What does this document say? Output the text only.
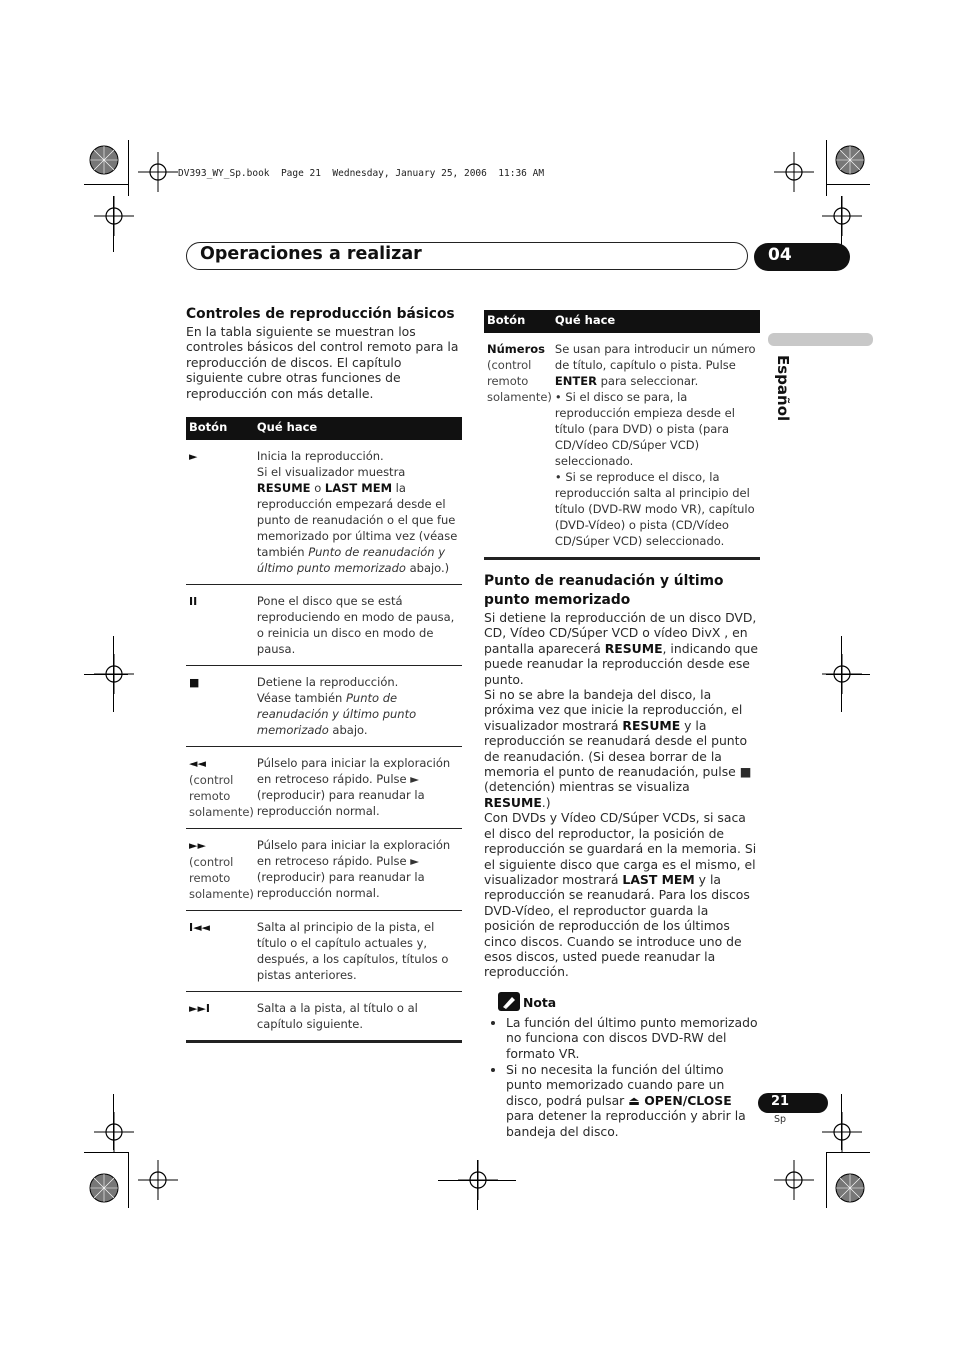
DV393_WY_Sp.book  Page 21  Wednesday, January 25, 2006  11:36 AM
Operaciones a realizar	04
Español
Controles de reproducción básicos

En la tabla siguiente se muestran los controles básicos del control remoto para la reproducción de discos. El capítulo siguiente cubre otras funciones de reproducción con más detalle.

Botón	Qué hace
►	Inicia la reproducción.
Si el visualizador muestra RESUME o LAST MEM la reproducción empezará desde el punto de reanudación o el que fue memorizado por última vez (véase también Punto de reanudación y último punto memorizado abajo.)
II	Pone el disco que se está reproduciendo en modo de pausa, o reinicia un disco en modo de pausa.
■	Detiene la reproducción.
Véase también Punto de reanudación y último punto memorizado abajo.
◄◄
(control remoto solamente)	Púlselo para iniciar la exploración en retroceso rápido. Pulse ► (reproducir) para reanudar la reproducción normal.
►►
(control remoto solamente)	Púlselo para iniciar la exploración en retroceso rápido. Pulse ► (reproducir) para reanudar la reproducción normal.
I◄◄	Salta al principio de la pista, el título o el capítulo actuales y, después, a los capítulos, títulos o pistas anteriores.
►►I	Salta a la pista, al título o al capítulo siguiente.
Botón	Qué hace
Números
(control remoto solamente)	Se usan para introducir un número de título, capítulo o pista. Pulse ENTER para seleccionar.
• Si el disco se para, la reproducción empieza desde el título (para DVD) o pista (para CD/Vídeo CD/Súper VCD) seleccionado.
• Si se reproduce el disco, la reproducción salta al principio del título (DVD-RW modo VR), capítulo (DVD-Vídeo) o pista (CD/Vídeo CD/Súper VCD) seleccionado.
Punto de reanudación y último punto memorizado

Si detiene la reproducción de un disco DVD, CD, Vídeo CD/Súper VCD o vídeo DivX , en pantalla aparecerá RESUME, indicando que puede reanudar la reproducción desde ese punto.

Si no se abre la bandeja del disco, la próxima vez que inicie la reproducción, el visualizador mostrará RESUME y la reproducción se reanudará desde el punto de reanudación. (Si desea borrar de la memoria el punto de reanudación, pulse ■ (detención) mientras se visualiza RESUME.)

Con DVDs y Vídeo CD/Súper VCDs, si saca el disco del reproductor, la posición de reproducción se guardará en la memoria. Si el siguiente disco que carga es el mismo, el visualizador mostrará LAST MEM y la reproducción se reanudará. Para los discos DVD-Vídeo, el reproductor guarda la posición de reproducción de los últimos cinco discos. Cuando se introduce uno de esos discos, usted puede reanudar la reproducción.

Nota
• La función del último punto memorizado no funciona con discos DVD-RW del formato VR.
• Si no necesita la función del último punto memorizado cuando pare un disco, podrá pulsar ⏏ OPEN/CLOSE para detener la reproducción y abrir la bandeja del disco.
21
Sp
